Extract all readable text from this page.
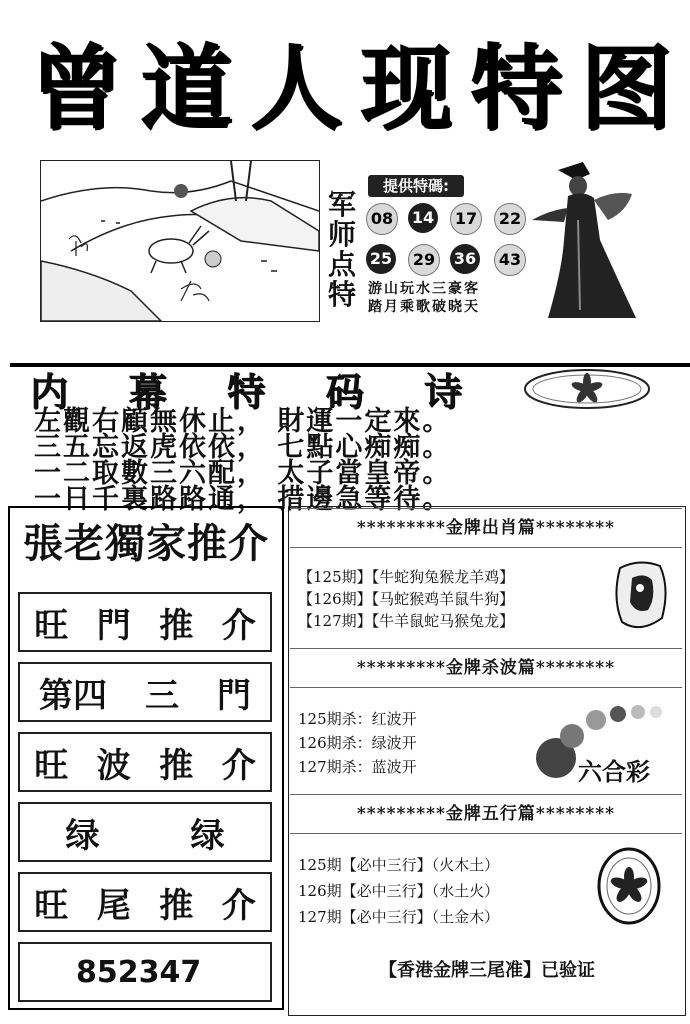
曾 道 人 现 特 图
军
师
点
特
提供特碼:
08	14	17	22
25	29	36	43
游山玩水三豪客
踏月乘歌破晓天
内 幕 特 码 诗
左觀右顧無休止， 財運一定來。
三五忘返虎依依， 七點心痴痴。
一二取數三六配， 太子當皇帝。
一日千裏路路通， 措邊急等待。
張老獨家推介
旺 門 推 介
第四 三 門
旺 波 推 介
绿	绿
旺 尾 推 介
852347
*********金牌出肖篇********
【125期】【牛蛇狗兔猴龙羊鸡】
【126期】【马蛇猴鸡羊鼠牛狗】
【127期】【牛羊鼠蛇马猴兔龙】
*********金牌杀波篇********
125期杀：红波开
126期杀：绿波开
127期杀：蓝波开	六合彩
*********金牌五行篇********
125期【必中三行】（火木土）
126期【必中三行】（水土火）
127期【必中三行】（土金木）
【香港金牌三尾准】已验证
